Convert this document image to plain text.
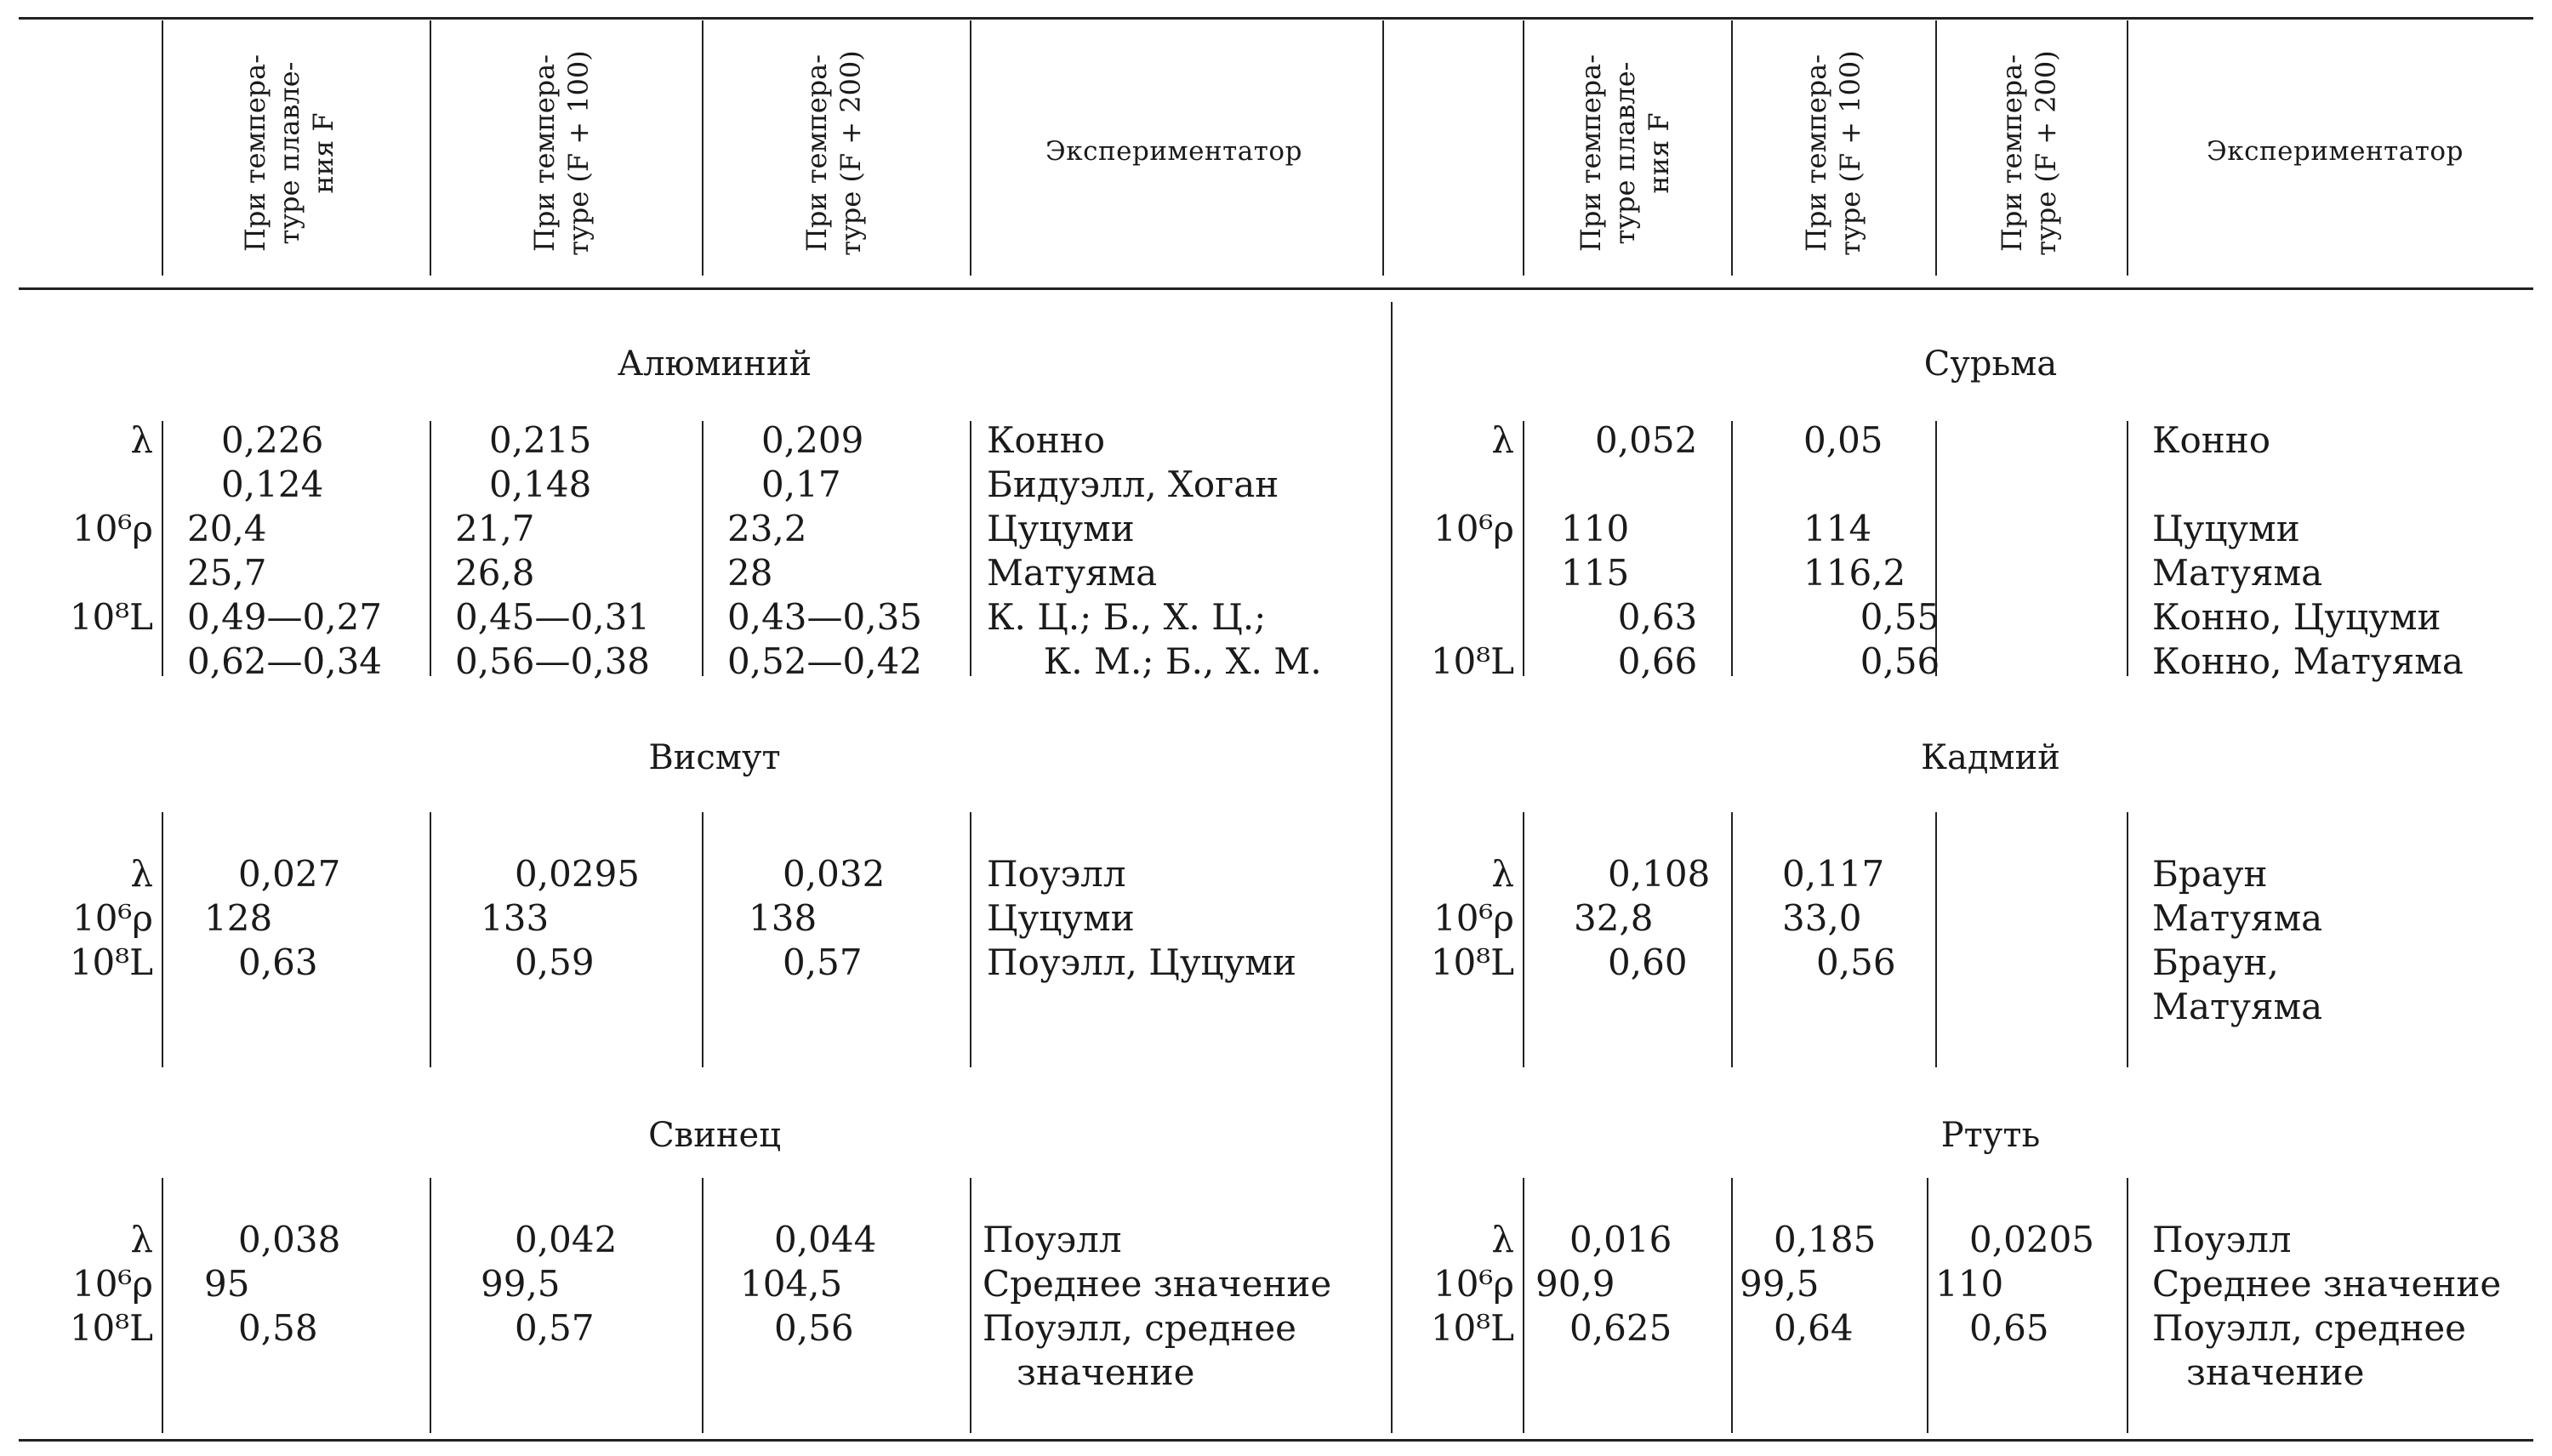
При темпера-
туре плавле-
ния F
При темпера-
туре (F + 100)
При темпера-
туре (F + 200)
Экспериментатор
При темпера-
туре плавле-
ния F
При темпера-
туре (F + 100)
При темпера-
туре (F + 200)
Экспериментатор
Алюминий
λ

10⁶ρ

10⁸L
0,226
0,124
20,4
25,7
0,49—0,27
0,62—0,34
0,215
0,148
21,7
26,8
0,45—0,31
0,56—0,38
0,209
0,17
23,2
28
0,43—0,35
0,52—0,42
Конно
Бидуэлл, Хоган
Цуцуми
Матуяма
К. Ц.; Б., Х. Ц.;
К. М.; Б., Х. М.
Висмут
λ
10⁶ρ
10⁸L
0,027
128
0,63
0,0295
133
0,59
0,032
138
0,57
Поуэлл
Цуцуми
Поуэлл, Цуцуми
Свинец
λ
10⁶ρ
10⁸L
0,038
95
0,58
0,042
99,5
0,57
0,044
104,5
0,56
Поуэлл
Среднее значение
Поуэлл, среднее
значение
Сурьма
λ

10⁶ρ

10⁸L
0,052

110
115
0,63
0,66
0,05

114
116,2
0,55
0,56
Конно

Цуцуми
Матуяма
Конно, Цуцуми
Конно, Матуяма
Кадмий
λ
10⁶ρ
10⁸L
0,108
32,8
0,60
0,117
33,0
0,56
Браун
Матуяма
Браун,
Матуяма
Ртуть
λ
10⁶ρ
10⁸L
0,016
90,9
0,625
0,185
99,5
0,64
0,0205
110
0,65
Поуэлл
Среднее значение
Поуэлл, среднее
значение
